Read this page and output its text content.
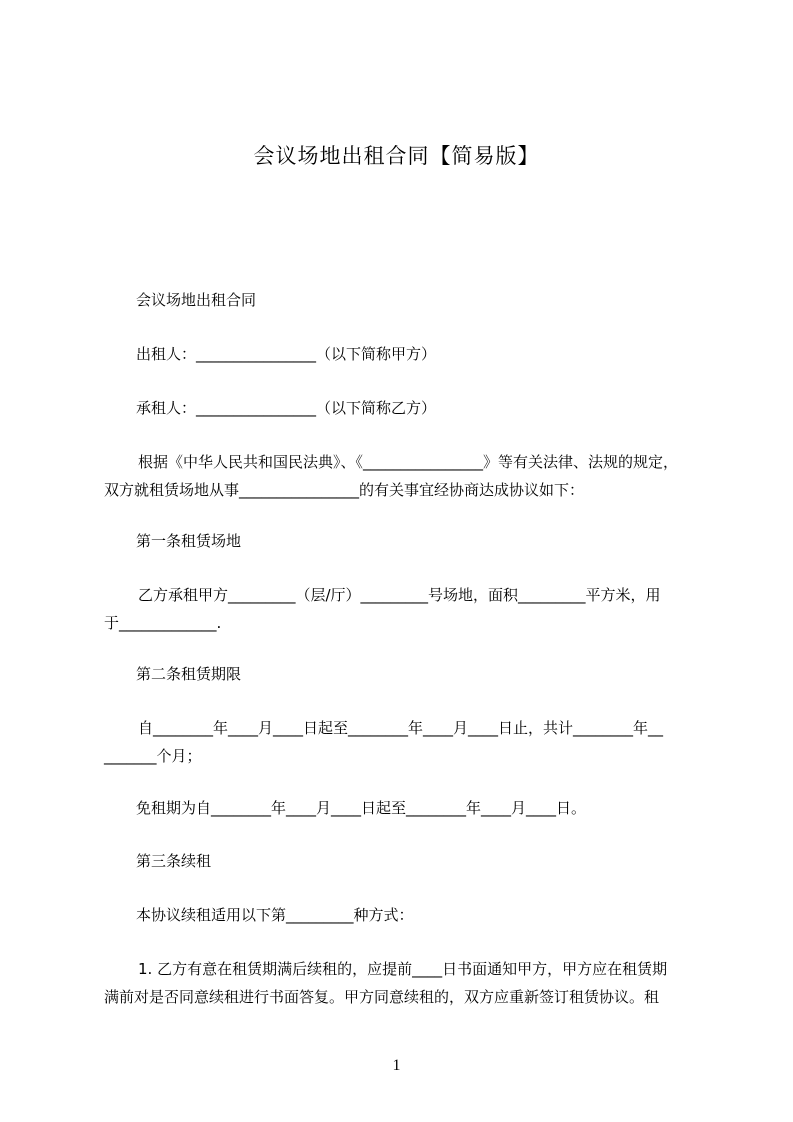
会议场地出租合同【简易版】
会议场地出租合同
出租人：________________（以下简称甲方）
承租人：________________（以下简称乙方）
根据《中华人民共和国民法典》、《________________》等有关法律、法规的规定，
双方就租赁场地从事________________的有关事宜经协商达成协议如下：
第一条租赁场地
乙方承租甲方_________（层/厅）_________号场地，面积_________平方米，用
于_____________.
第二条租赁期限
自________年____月____日起至________年____月____日止，共计________年__
_______个月；
免租期为自________年____月____日起至________年____月____日。
第三条续租
本协议续租适用以下第_________种方式：
1. 乙方有意在租赁期满后续租的，应提前____日书面通知甲方，甲方应在租赁期
满前对是否同意续租进行书面答复。甲方同意续租的，双方应重新签订租赁协议。租
1
